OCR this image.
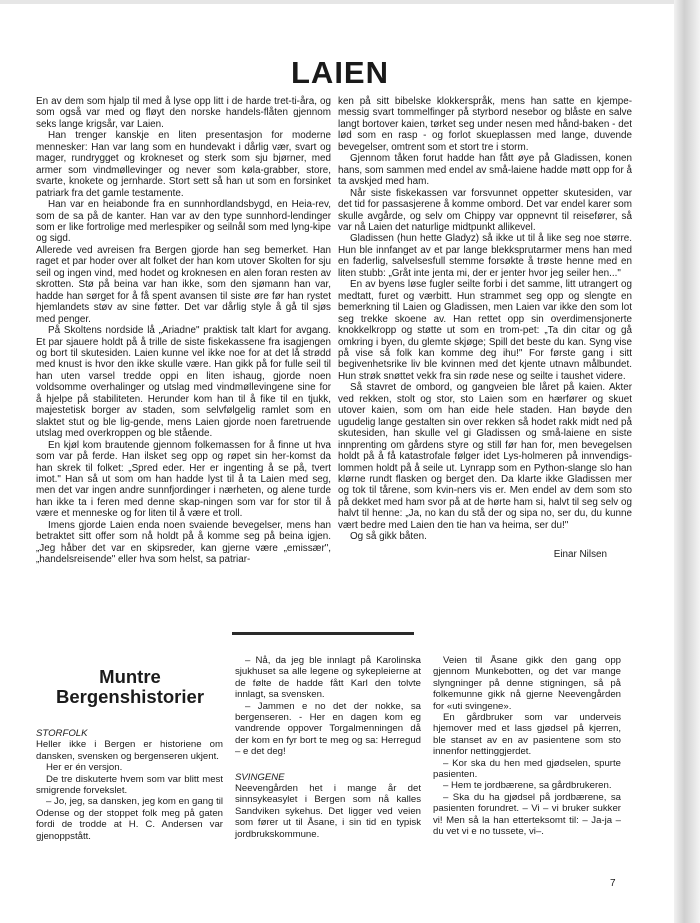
LAIEN

En av dem som hjalp til med å lyse opp litt i de harde tret-ti-åra, og som også var med og fløyt den norske handels-flåten gjennom seks lange krigsår, var Laien.

Han trenger kanskje en liten presentasjon for moderne mennesker: Han var lang som en hundevakt i dårlig vær, svart og mager, rundrygget og krokneset og sterk som sju bjørner, med armer som vindmøllevinger og never som køla-grabber, store, svarte, knokete og jernharde. Stort sett så han ut som en forsinket patriark fra det gamle testamente.

Han var en heiabonde fra en sunnhordlandsbygd, en Heia-rev, som de sa på de kanter. Han var av den type sunnhord-lendinger som er like fortrolige med merlespiker og seilnål som med lyng-kipe og sigd.

Allerede ved avreisen fra Bergen gjorde han seg bemerket. Han raget et par hoder over alt folket der han kom utover Skolten for sju seil og ingen vind, med hodet og kroknesen en alen foran resten av skrotten. Stø på beina var han ikke, som den sjømann han var, hadde han sørget for å få spent avansen til siste øre før han rystet hjemlandets støv av sine føtter. Det var dårlig style å gå til sjøs med penger.

På Skoltens nordside lå „Ariadne" praktisk talt klart for avgang. Et par sjauere holdt på å trille de siste fiskekassene fra isagjengen og bort til skutesiden. Laien kunne vel ikke noe for at det lå strødd med knust is hvor den ikke skulle være. Han gikk på for fulle seil til han uten varsel tredde oppi en liten ishaug, gjorde noen voldsomme overhalinger og utslag med vindmøllevingene sine for å hjelpe på stabiliteten. Herunder kom han til å fike til en tjukk, majestetisk borger av staden, som selvfølgelig ramlet som en slaktet stut og ble lig-gende, mens Laien gjorde noen faretruende utslag med overkroppen og ble stående.

En kjøl kom brautende gjennom folkemassen for å finne ut hva som var på ferde. Han ilsket seg opp og røpet sin her-komst da han skrek til folket: „Spred eder. Her er ingenting å se på, tvert imot." Han så ut som om han hadde lyst til å ta Laien med seg, men det var ingen andre sunnfjordinger i nærheten, og alene turde han ikke ta i feren med denne skap-ningen som var for stor til å være et menneske og for liten til å være et troll.

Imens gjorde Laien enda noen svaiende bevegelser, mens han betraktet sitt offer som nå holdt på å komme seg på beina igjen. „Jeg håber det var en skipsreder, kan gjerne være „emissær", „handelsreisende" eller hva som helst, sa patriar-

ken på sitt bibelske klokkerspråk, mens han satte en kjempe-messig svart tommelfinger på styrbord nesebor og blåste en salve langt bortover kaien, tørket seg under nesen med hånd-baken - det lød som en rasp - og forlot skueplassen med lange, duvende bevegelser, omtrent som et stort tre i storm.

Gjennom tåken forut hadde han fått øye på Gladissen, konen hans, som sammen med endel av små-laiene hadde møtt opp for å ta avskjed med ham.

Når siste fiskekassen var forsvunnet oppetter skutesiden, var det tid for passasjerene å komme ombord. Det var endel karer som skulle avgårde, og selv om Chippy var oppnevnt til reisefører, så var nå Laien det naturlige midtpunkt allikevel.

Gladissen (hun hette Gladyz) så ikke ut til å like seg noe større. Hun ble innfanget av et par lange blekksprutarmer mens han med en faderlig, salvelsesfull stemme forsøkte å trøste henne med en liten stubb: „Gråt inte jenta mi, der er jenter hvor jeg seiler hen..."

En av byens løse fugler seilte forbi i det samme, litt utrangert og medtatt, furet og værbitt. Hun strammet seg opp og slengte en bemerkning til Laien og Gladissen, men Laien var ikke den som lot seg trekke skoene av. Han rettet opp sin overdimensjonerte knokkelkropp og støtte ut som en trom-pet: „Ta din citar og gå omkring i byen, du glemte skjøge; Spill det beste du kan. Syng vise på vise så folk kan komme deg ihu!" For første gang i sitt begivenhetsrike liv ble kvinnen med det kjente utnavn målbundet. Hun strøk snøttet vekk fra sin røde nese og seilte i taushet videre.

Så stavret de ombord, og gangveien ble låret på kaien. Akter ved rekken, stolt og stor, sto Laien som en hærfører og skuet utover kaien, som om han eide hele staden. Han bøyde den ugudelig lange gestalten sin over rekken så hodet rakk midt ned på skutesiden, han skulle vel gi Gladissen og små-laiene en siste innprenting om gårdens styre og still før han for, men bevegelsen holdt på å få katastrofale følger idet Lys-holmeren på innvendigs-lommen holdt på å seile ut. Lynrapp som en Python-slange slo han klørne rundt flasken og berget den. Da klarte ikke Gladissen mer og tok til tårene, som kvin-ners vis er. Men endel av dem som sto på dekket med ham svor på at de hørte ham si, halvt til seg selv og halvt til henne: „Ja, no kan du stå der og sipa no, ser du, du kunne vært bedre med Laien den tie han va heima, ser du!"

Og så gikk båten.

Einar Nilsen

Muntre Bergenshistorier

STORFOLK

Heller ikke i Bergen er historiene om dansken, svensken og bergenseren ukjent.

Her er én versjon.

De tre diskuterte hvem som var blitt mest smigrende forvekslet.

– Jo, jeg, sa dansken, jeg kom en gang til Odense og der stoppet folk meg på gaten fordi de trodde at H. C. Andersen var gjenoppstått.

– Nå, da jeg ble innlagt på Karolinska sjukhuset sa alle legene og sykepleierne at de følte de hadde fått Karl den tolvte innlagt, sa svensken.

– Jammen e no det der nokke, sa bergenseren. - Her en dagen kom eg vandrende oppover Torgalmenningen då der kom en fyr bort te meg og sa: Herregud – e det deg!

SVINGENE

Neevengården het i mange år det sinnsykeasylet i Bergen som nå kalles Sandviken sykehus. Det ligger ved veien som fører ut til Åsane, i sin tid en typisk jordbrukskommune.

Veien til Åsane gikk den gang opp gjennom Munkebotten, og det var mange slyngninger på denne stigningen, så på folkemunne gikk nå gjerne Neevengården for «uti svingene».

En gårdbruker som var underveis hjemover med et lass gjødsel på kjerren, ble stanset av en av pasientene som sto innenfor nettinggjerdet.

– Kor ska du hen med gjødselen, spurte pasienten.

– Hem te jordbærene, sa gårdbrukeren.

– Ska du ha gjødsel på jordbærene, sa pasienten forundret. – Vi – vi bruker sukker vi! Men så la han etterteksomt til: – Ja-ja – du vet vi e no tussete, vi–.

7
